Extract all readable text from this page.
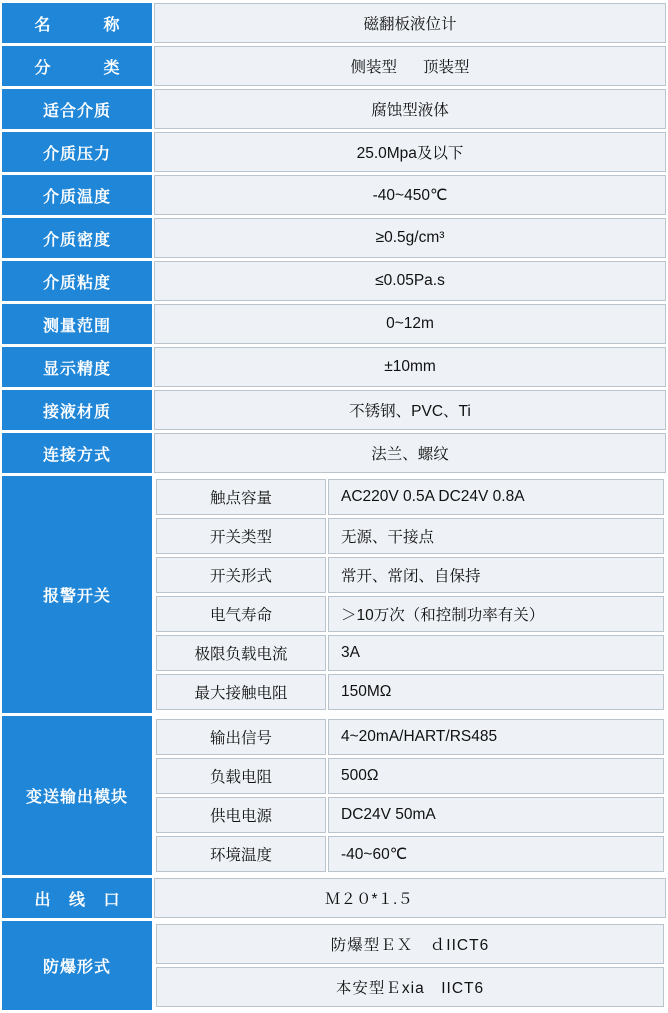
名　　称	磁翻板液位计
分　　类	侧装型 顶装型

适合介质	腐蚀型液体
介质压力	25.0Mpa及以下
介质温度	-40~450℃
介质密度	≥0.5g/cm³
介质粘度	≤0.05Pa.s
测量范围	0~12m
显示精度	±10mm
接液材质	不锈钢、PVC、Ti
连接方式	法兰、螺纹
报警开关	
触点容量	AC220V 0.5A DC24V 0.8A
开关类型	无源、干接点
开关形式	常开、常闭、自保持
电气寿命	＞10万次（和控制功率有关）
极限负载电流	3A
最大接触电阻	150MΩ

变送输出模块	
输出信号	4~20mA/HART/RS485
负载电阻	500Ω
供电电源	DC24V 50mA
环境温度	-40~60℃

出 线 口	Ｍ２０*１.５
防爆形式	
防爆型ＥＸ　ｄIICT6
本安型Ｅxia　IICT6
